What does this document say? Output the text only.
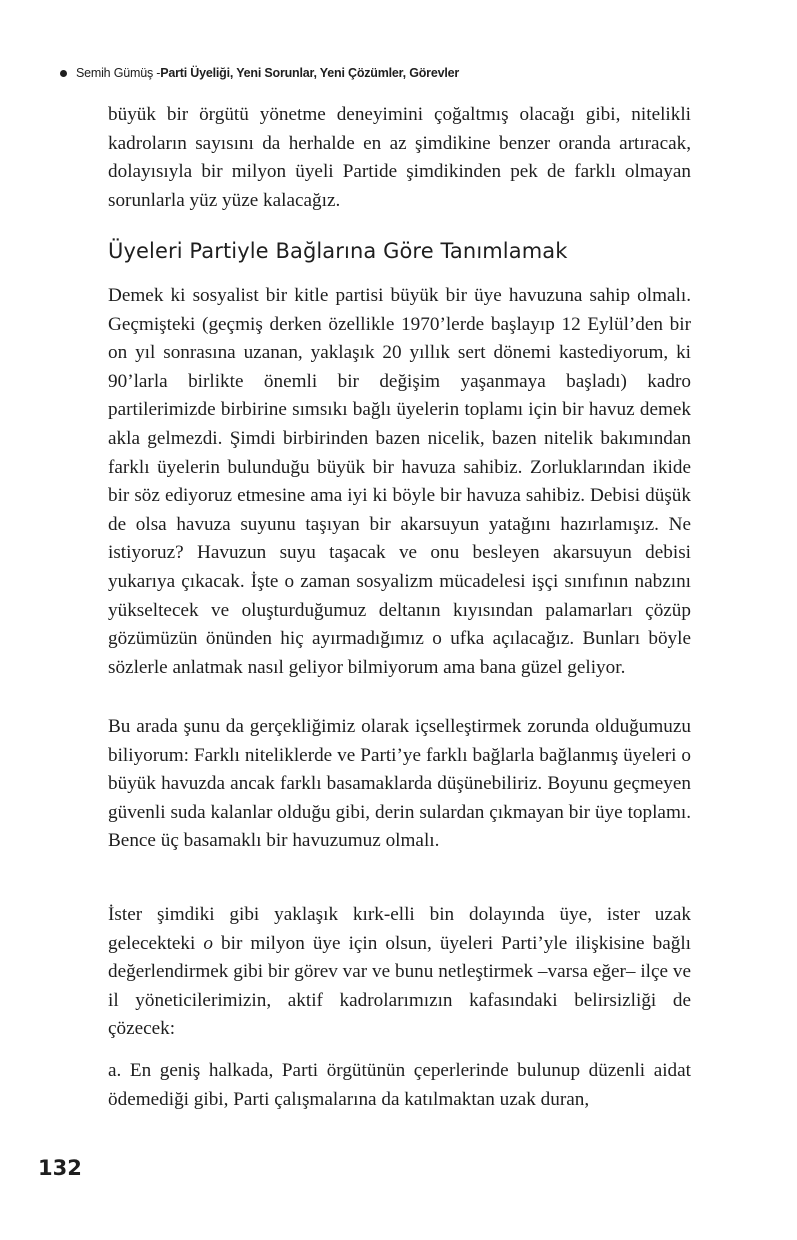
Semih Gümüş - Parti Üyeliği, Yeni Sorunlar, Yeni Çözümler, Görevler

büyük bir örgütü yönetme deneyimini çoğaltmış olacağı gibi, nitelikli kadroların sayısını da herhalde en az şimdikine benzer oranda artıracak, dolayısıyla bir milyon üyeli Partide şimdikinden pek de farklı olmayan sorunlarla yüz yüze kalacağız.

Üyeleri Partiyle Bağlarına Göre Tanımlamak

Demek ki sosyalist bir kitle partisi büyük bir üye havuzuna sahip olmalı. Geçmişteki (geçmiş derken özellikle 1970’lerde başlayıp 12 Eylül’den bir on yıl sonrasına uzanan, yaklaşık 20 yıllık sert dönemi kastediyorum, ki 90’larla birlikte önemli bir değişim yaşanmaya başladı) kadro partilerimizde birbirine sımsıkı bağlı üyelerin toplamı için bir havuz demek akla gelmezdi. Şimdi birbirinden bazen nicelik, bazen nitelik bakımından farklı üyelerin bulunduğu büyük bir havuza sahibiz. Zorluklarından ikide bir söz ediyoruz etmesine ama iyi ki böyle bir havuza sahibiz. Debisi düşük de olsa havuza suyunu taşıyan bir akarsuyun yatağını hazırlamışız. Ne istiyoruz? Havuzun suyu taşacak ve onu besleyen akarsuyun debisi yukarıya çıkacak. İşte o zaman sosyalizm mücadelesi işçi sınıfının nabzını yükseltecek ve oluşturduğumuz deltanın kıyısından palamarları çözüp gözümüzün önünden hiç ayırmadığımız o ufka açılacağız. Bunları böyle sözlerle anlatmak nasıl geliyor bilmiyorum ama bana güzel geliyor.

Bu arada şunu da gerçekliğimiz olarak içselleştirmek zorunda olduğumuzu biliyorum: Farklı niteliklerde ve Parti’ye farklı bağlarla bağlanmış üyeleri o büyük havuzda ancak farklı basamaklarda düşünebiliriz. Boyunu geçmeyen güvenli suda kalanlar olduğu gibi, derin sulardan çıkmayan bir üye toplamı. Bence üç basamaklı bir havuzumuz olmalı.

İster şimdiki gibi yaklaşık kırk-elli bin dolayında üye, ister uzak gelecekteki o bir milyon üye için olsun, üyeleri Parti’yle ilişkisine bağlı değerlendirmek gibi bir görev var ve bunu netleştirmek –varsa eğer– ilçe ve il yöneticilerimizin, aktif kadrolarımızın kafasındaki belirsizliği de çözecek:

a. En geniş halkada, Parti örgütünün çeperlerinde bulunup düzenli aidat ödemediği gibi, Parti çalışmalarına da katılmaktan uzak duran,

132
